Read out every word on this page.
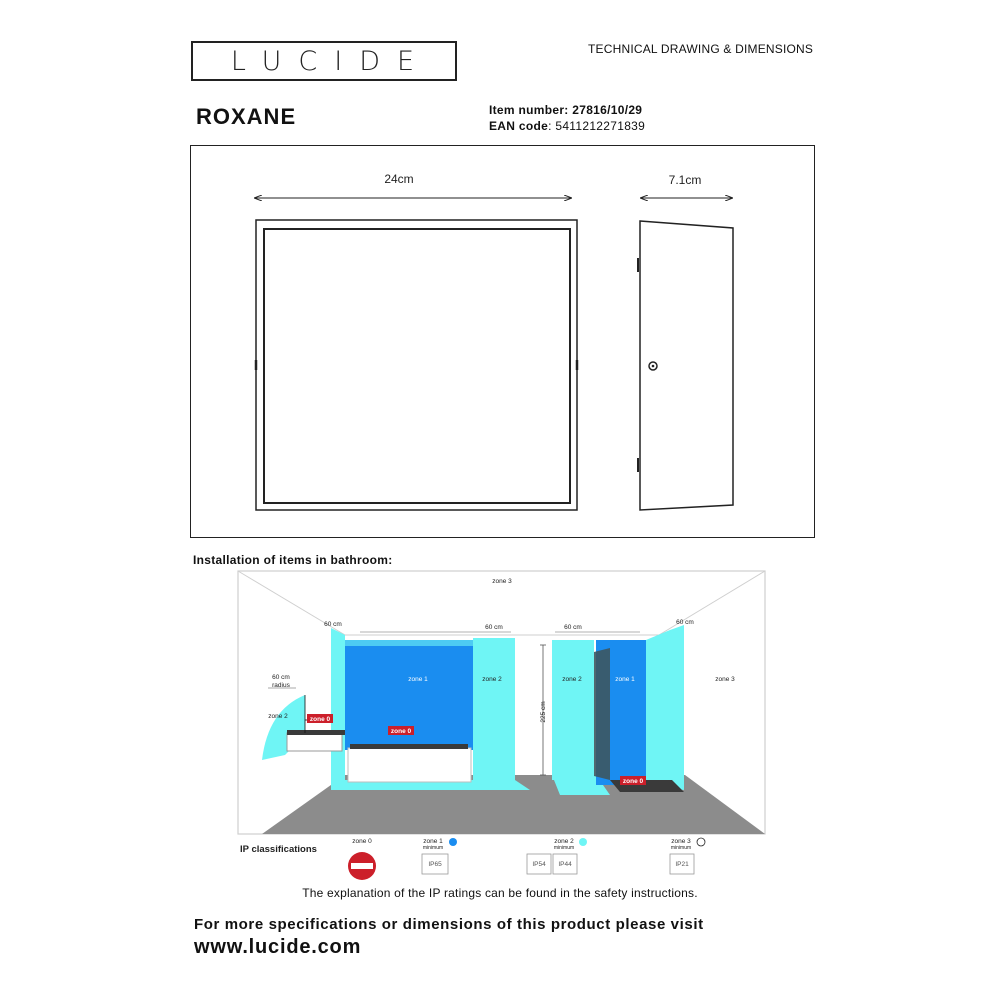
LUCIDE	TECHNICAL DRAWING & DIMENSIONS
ROXANE	Item number: 27816/10/29
EAN code: 5411212271839
24cm	7.1cm
Installation of items in bathroom:
zone 3
zone 3
zone 2
zone 2	zone 2
zone 1	zone 1
60 cm	60 cm	60 cm
60 cm
60 cm
radius
225 cm
zone 0
zone 0
zone 0
IP classifications
zone 0	zone 1
minimum
zone 2
minimum
zone 3
minimum
IP65	IP54 IP44	IP21
The explanation of the IP ratings can be found in the safety instructions.
For more specifications or dimensions of this product please visit
www.lucide.com
